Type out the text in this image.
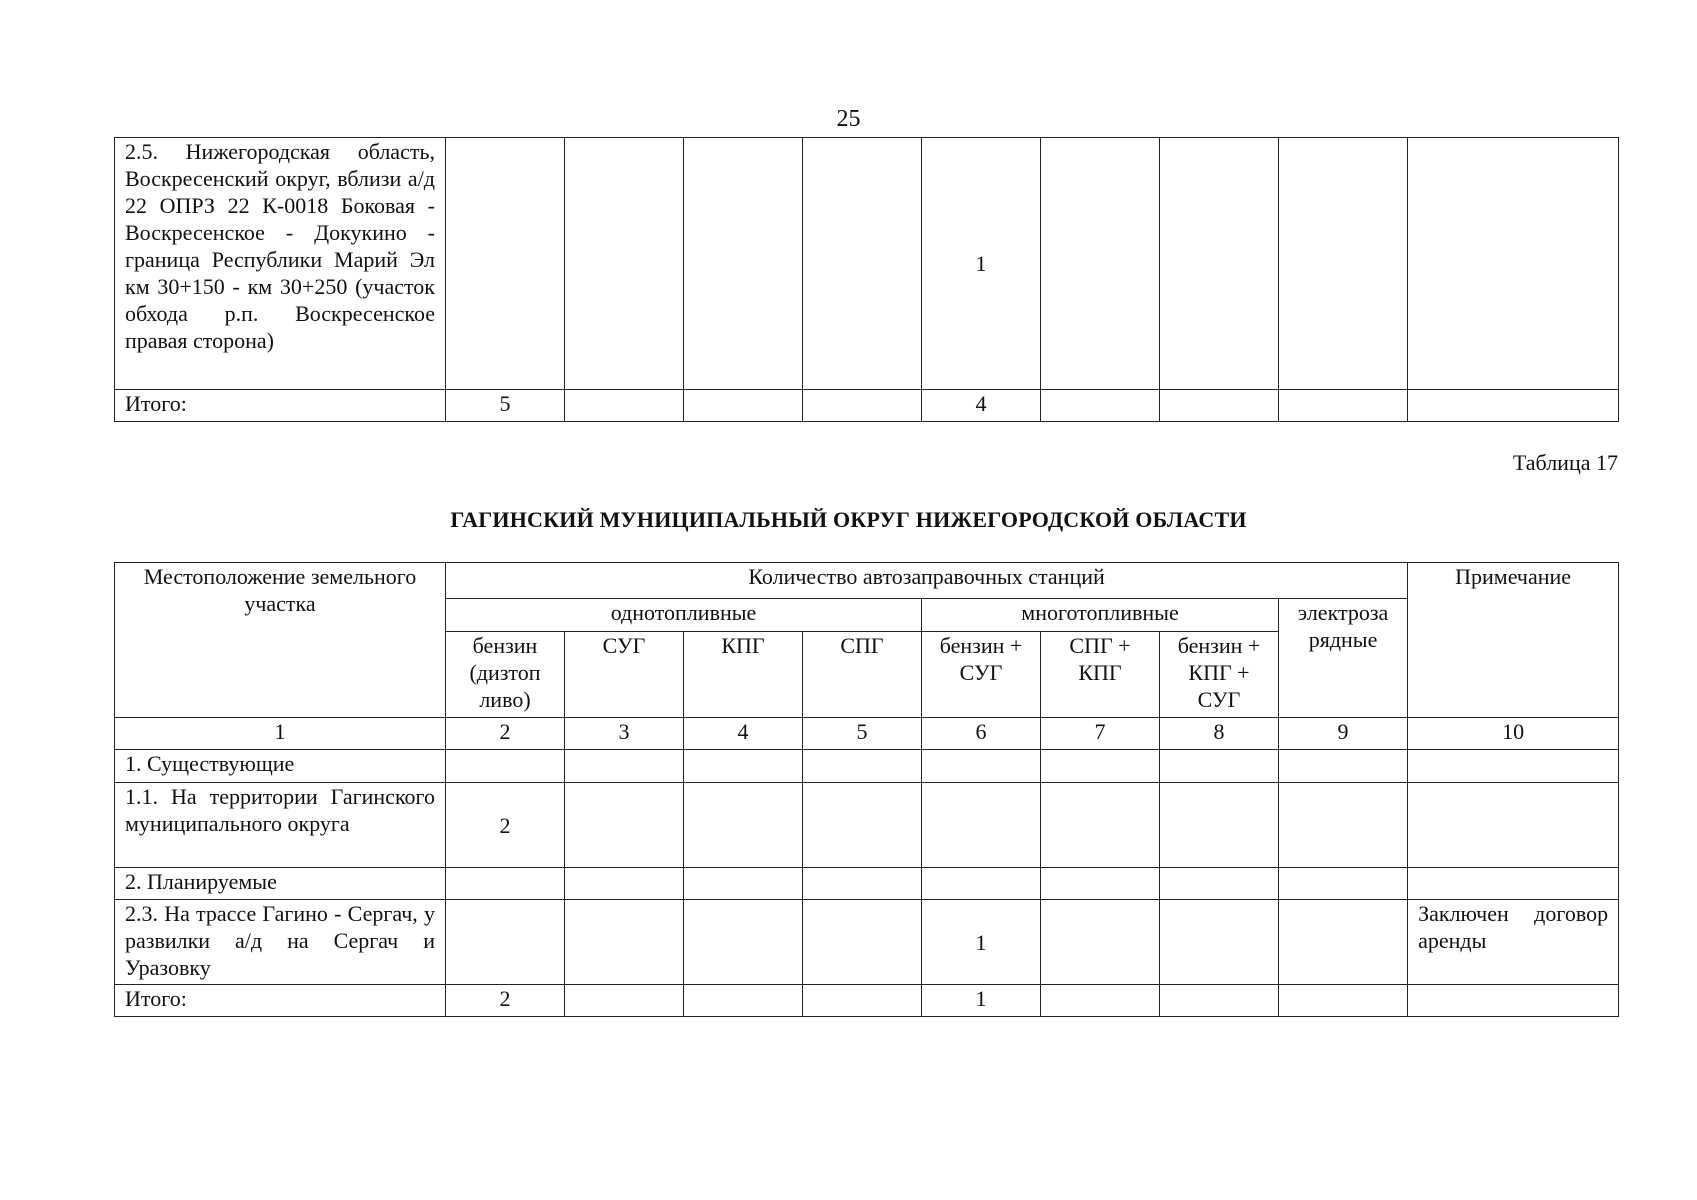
25
2.5. Нижегородская область, Воскресенский округ, вблизи а/д 22 ОПРЗ 22 К-0018 Боковая - Воскресенское - Докукино - граница Республики Марий Эл км 30+150 - км 30+250 (участок обхода р.п. Воскресенское правая сторона)					1				
Итого:	5				4				
Таблица 17
ГАГИНСКИЙ МУНИЦИПАЛЬНЫЙ ОКРУГ НИЖЕГОРОДСКОЙ ОБЛАСТИ
Местоположение земельного участка	Количество автозаправочных станций								Примечание
	однотопливные				многотопливные			электроза рядные	
	бензин (дизтоп ливо)	СУГ	КПГ	СПГ	бензин + СУГ	СПГ + КПГ	бензин + КПГ + СУГ		
1	2	3	4	5	6	7	8	9	10
1. Существующие									
1.1. На территории Гагинского муниципального округа	2								
2. Планируемые									
2.3. На трассе Гагино - Сергач, у развилки а/д на Сергач и Уразовку					1				Заключен договор аренды
Итого:	2				1				
